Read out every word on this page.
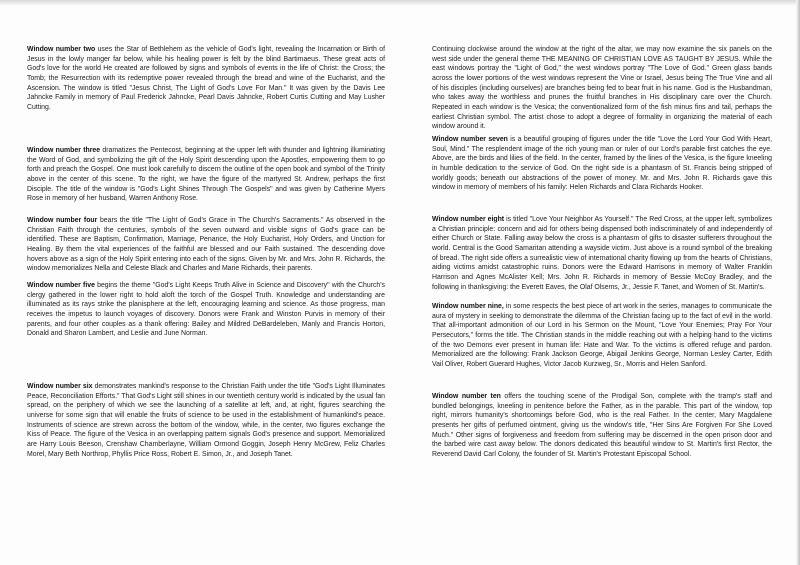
Window number two uses the Star of Bethlehem as the vehicle of God's light, revealing the Incarnation or Birth of Jesus in the lowly manger far below, while his healing power is felt by the blind Bartimaeus. These great acts of God's love for the world He created are followed by signs and symbols of events in the life of Christ: the Cross; the Tomb; the Resurrection with its redemptive power revealed through the bread and wine of the Eucharist, and the Ascension. The window is titled "Jesus Christ, The Light of God's Love For Man." It was given by the Davis Lee Jahncke Family in memory of Paul Frederick Jahncke, Pearl Davis Jahncke, Robert Curtis Cutting and May Lusher Cutting.

Window number three dramatizes the Pentecost, beginning at the upper left with thunder and lightning illuminating the Word of God, and symbolizing the gift of the Holy Spirit descending upon the Apostles, empowering them to go forth and preach the Gospel. One must look carefully to discern the outline of the open book and symbol of the Trinity above in the center of this scene. To the right, we have the figure of the martyred St. Andrew, perhaps the first Disciple. The title of the window is "God's Light Shines Through The Gospels" and was given by Catherine Myers Rose in memory of her husband, Warren Anthony Rose.

Window number four bears the title "The Light of God's Grace in The Church's Sacraments." As observed in the Christian Faith through the centuries, symbols of the seven outward and visible signs of God's grace can be identified. These are Baptism, Confirmation, Marriage, Penance, the Holy Eucharist, Holy Orders, and Unction for Healing. By them the vital experiences of the faithful are blessed and our Faith sustained. The descending dove hovers above as a sign of the Holy Spirit entering into each of the signs. Given by Mr. and Mrs. John R. Richards, the window memorializes Nella and Celeste Black and Charles and Marie Richards, their parents.

Window number five begins the theme "God's Light Keeps Truth Alive in Science and Discovery" with the Church's clergy gathered in the lower right to hold aloft the torch of the Gospel Truth. Knowledge and understanding are illuminated as its rays strike the planisphere at the left, encouraging learning and science. As those progress, man receives the impetus to launch voyages of discovery. Donors were Frank and Winston Purvis in memory of their parents, and four other couples as a thank offering: Bailey and Mildred DeBardeleben, Manly and Francis Horton, Donald and Sharon Lambert, and Leslie and June Norman.

Window number six demonstrates mankind's response to the Christian Faith under the title "God's Light Illuminates Peace, Reconciliation Efforts." That God's Light still shines in our twentieth century world is indicated by the usual fan spread, on the periphery of which we see the launching of a satellite at left, and, at right, figures searching the universe for some sign that will enable the fruits of science to be used in the establishment of humankind's peace. Instruments of science are strewn across the bottom of the window, while, in the center, two figures exchange the Kiss of Peace. The figure of the Vesica in an overlapping pattern signals God's presence and support. Memorialized are Harry Louis Beeson, Crenshaw Chamberlayne, William Ormond Goggin, Joseph Henry McGrew, Feliz Charles Morel, Mary Beth Northrop, Phyllis Price Ross, Robert E. Simon, Jr., and Joseph Tanet.

Continuing clockwise around the window at the right of the altar, we may now examine the six panels on the west side under the general theme THE MEANING OF CHRISTIAN LOVE AS TAUGHT BY JESUS. While the east windows portray the "Light of God," the west windows portray "The Love of God." Green glass bands across the lower portions of the west windows represent the Vine or Israel, Jesus being The True Vine and all of his disciples (including ourselves) are branches being fed to bear fruit in his name. God is the Husbandman, who takes away the worthless and prunes the fruitful branches in His disciplinary care over the Church. Repeated in each window is the Vesica; the conventionalized form of the fish minus fins and tail, perhaps the earliest Christian symbol. The artist chose to adopt a degree of formality in organizing the material of each window around it.

Window number seven is a beautiful grouping of figures under the title "Love the Lord Your God With Heart, Soul, Mind." The resplendent image of the rich young man or ruler of our Lord's parable first catches the eye. Above, are the birds and lilies of the field. In the center, framed by the lines of the Vesica, is the figure kneeling in humble dedication to the service of God. On the right side is a phantasm of St. Francis being stripped of worldly goods; beneath our abstractions of the power of money. Mr. and Mrs. John R. Richards gave this window in memory of members of his family: Helen Richards and Clara Richards Hooker.

Window number eight is titled "Love Your Neighbor As Yourself." The Red Cross, at the upper left, symbolizes a Christian principle: concern and aid for others being dispensed both indiscriminately of and independently of either Church or State. Falling away below the cross is a phantasm of gifts to disaster sufferers throughout the world. Central is the Good Samaritan attending a wayside victim. Just above is a round symbol of the breaking of bread. The right side offers a surrealistic view of international charity flowing up from the hearts of Christians, aiding victims amidst catastrophic ruins. Donors were the Edward Harrisons in memory of Walter Franklin Harrison and Agnes McAlister Kell; Mrs. John R. Richards in memory of Bessie McCoy Bradley, and the following in thanksgiving: the Everett Eaves, the Olaf Olsems, Jr., Jessie F. Tanet, and Women of St. Martin's.

Window number nine, in some respects the best piece of art work in the series, manages to communicate the aura of mystery in seeking to demonstrate the dilemma of the Christian facing up to the fact of evil in the world. That all-important admonition of our Lord in his Sermon on the Mount, "Love Your Enemies; Pray For Your Persecutors," forms the title. The Christian stands in the middle reaching out with a helping hand to the victims of the two Demons ever present in human life: Hate and War. To the victims is offered refuge and pardon. Memorialized are the following: Frank Jackson George, Abigail Jenkins George, Norman Lesley Carter, Edith Vail Oliver, Robert Guerard Hughes, Victor Jacob Kurzweg, Sr., Morris and Helen Sanford.

Window number ten offers the touching scene of the Prodigal Son, complete with the tramp's staff and bundled belongings, kneeling in penitence before the Father, as in the parable. This part of the window, top right, mirrors humanity's shortcomings before God, who is the real Father. In the center, Mary Magdalene presents her gifts of perfumed ointment, giving us the window's title, "Her Sins Are Forgiven For She Loved Much." Other signs of forgiveness and freedom from suffering may be discerned in the open prison door and the barbed wire cast away below. The donors dedicated this beautiful window to St. Martin's first Rector, the Reverend David Carl Colony, the founder of St. Martin's Protestant Episcopal School.
